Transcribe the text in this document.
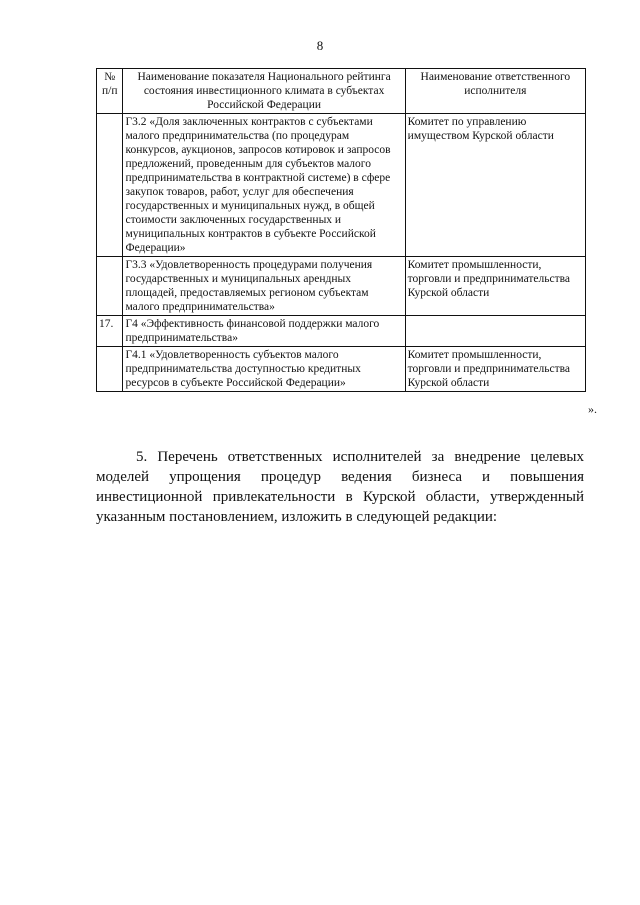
8
№
п/п	Наименование показателя Национального рейтинга состояния инвестиционного климата в субъектах Российской Федерации	Наименование ответственного исполнителя
	Г3.2 «Доля заключенных контрактов с субъектами малого предпринимательства (по процедурам конкурсов, аукционов, запросов котировок и запросов предложений, проведенным для субъектов малого предпринимательства в контрактной системе) в сфере закупок товаров, работ, услуг для обеспечения государственных и муниципальных нужд, в общей стоимости заключенных государственных и муниципальных контрактов в субъекте Российской Федерации»	Комитет по управлению имуществом Курской области
	Г3.3 «Удовлетворенность процедурами получения государственных и муниципальных арендных площадей, предоставляемых регионом субъектам малого предпринимательства»	Комитет промышленности, торговли и предпринимательства Курской области
17.	Г4 «Эффективность финансовой поддержки малого предпринимательства»	
	Г4.1 «Удовлетворенность субъектов малого предпринимательства доступностью кредитных ресурсов в субъекте Российской Федерации»	Комитет промышленности, торговли и предпринимательства Курской области
».

5. Перечень ответственных исполнителей за внедрение целевых моделей упрощения процедур ведения бизнеса и повышения инвестиционной привлекательности в Курской области, утвержденный указанным постановлением, изложить в следующей редакции:
